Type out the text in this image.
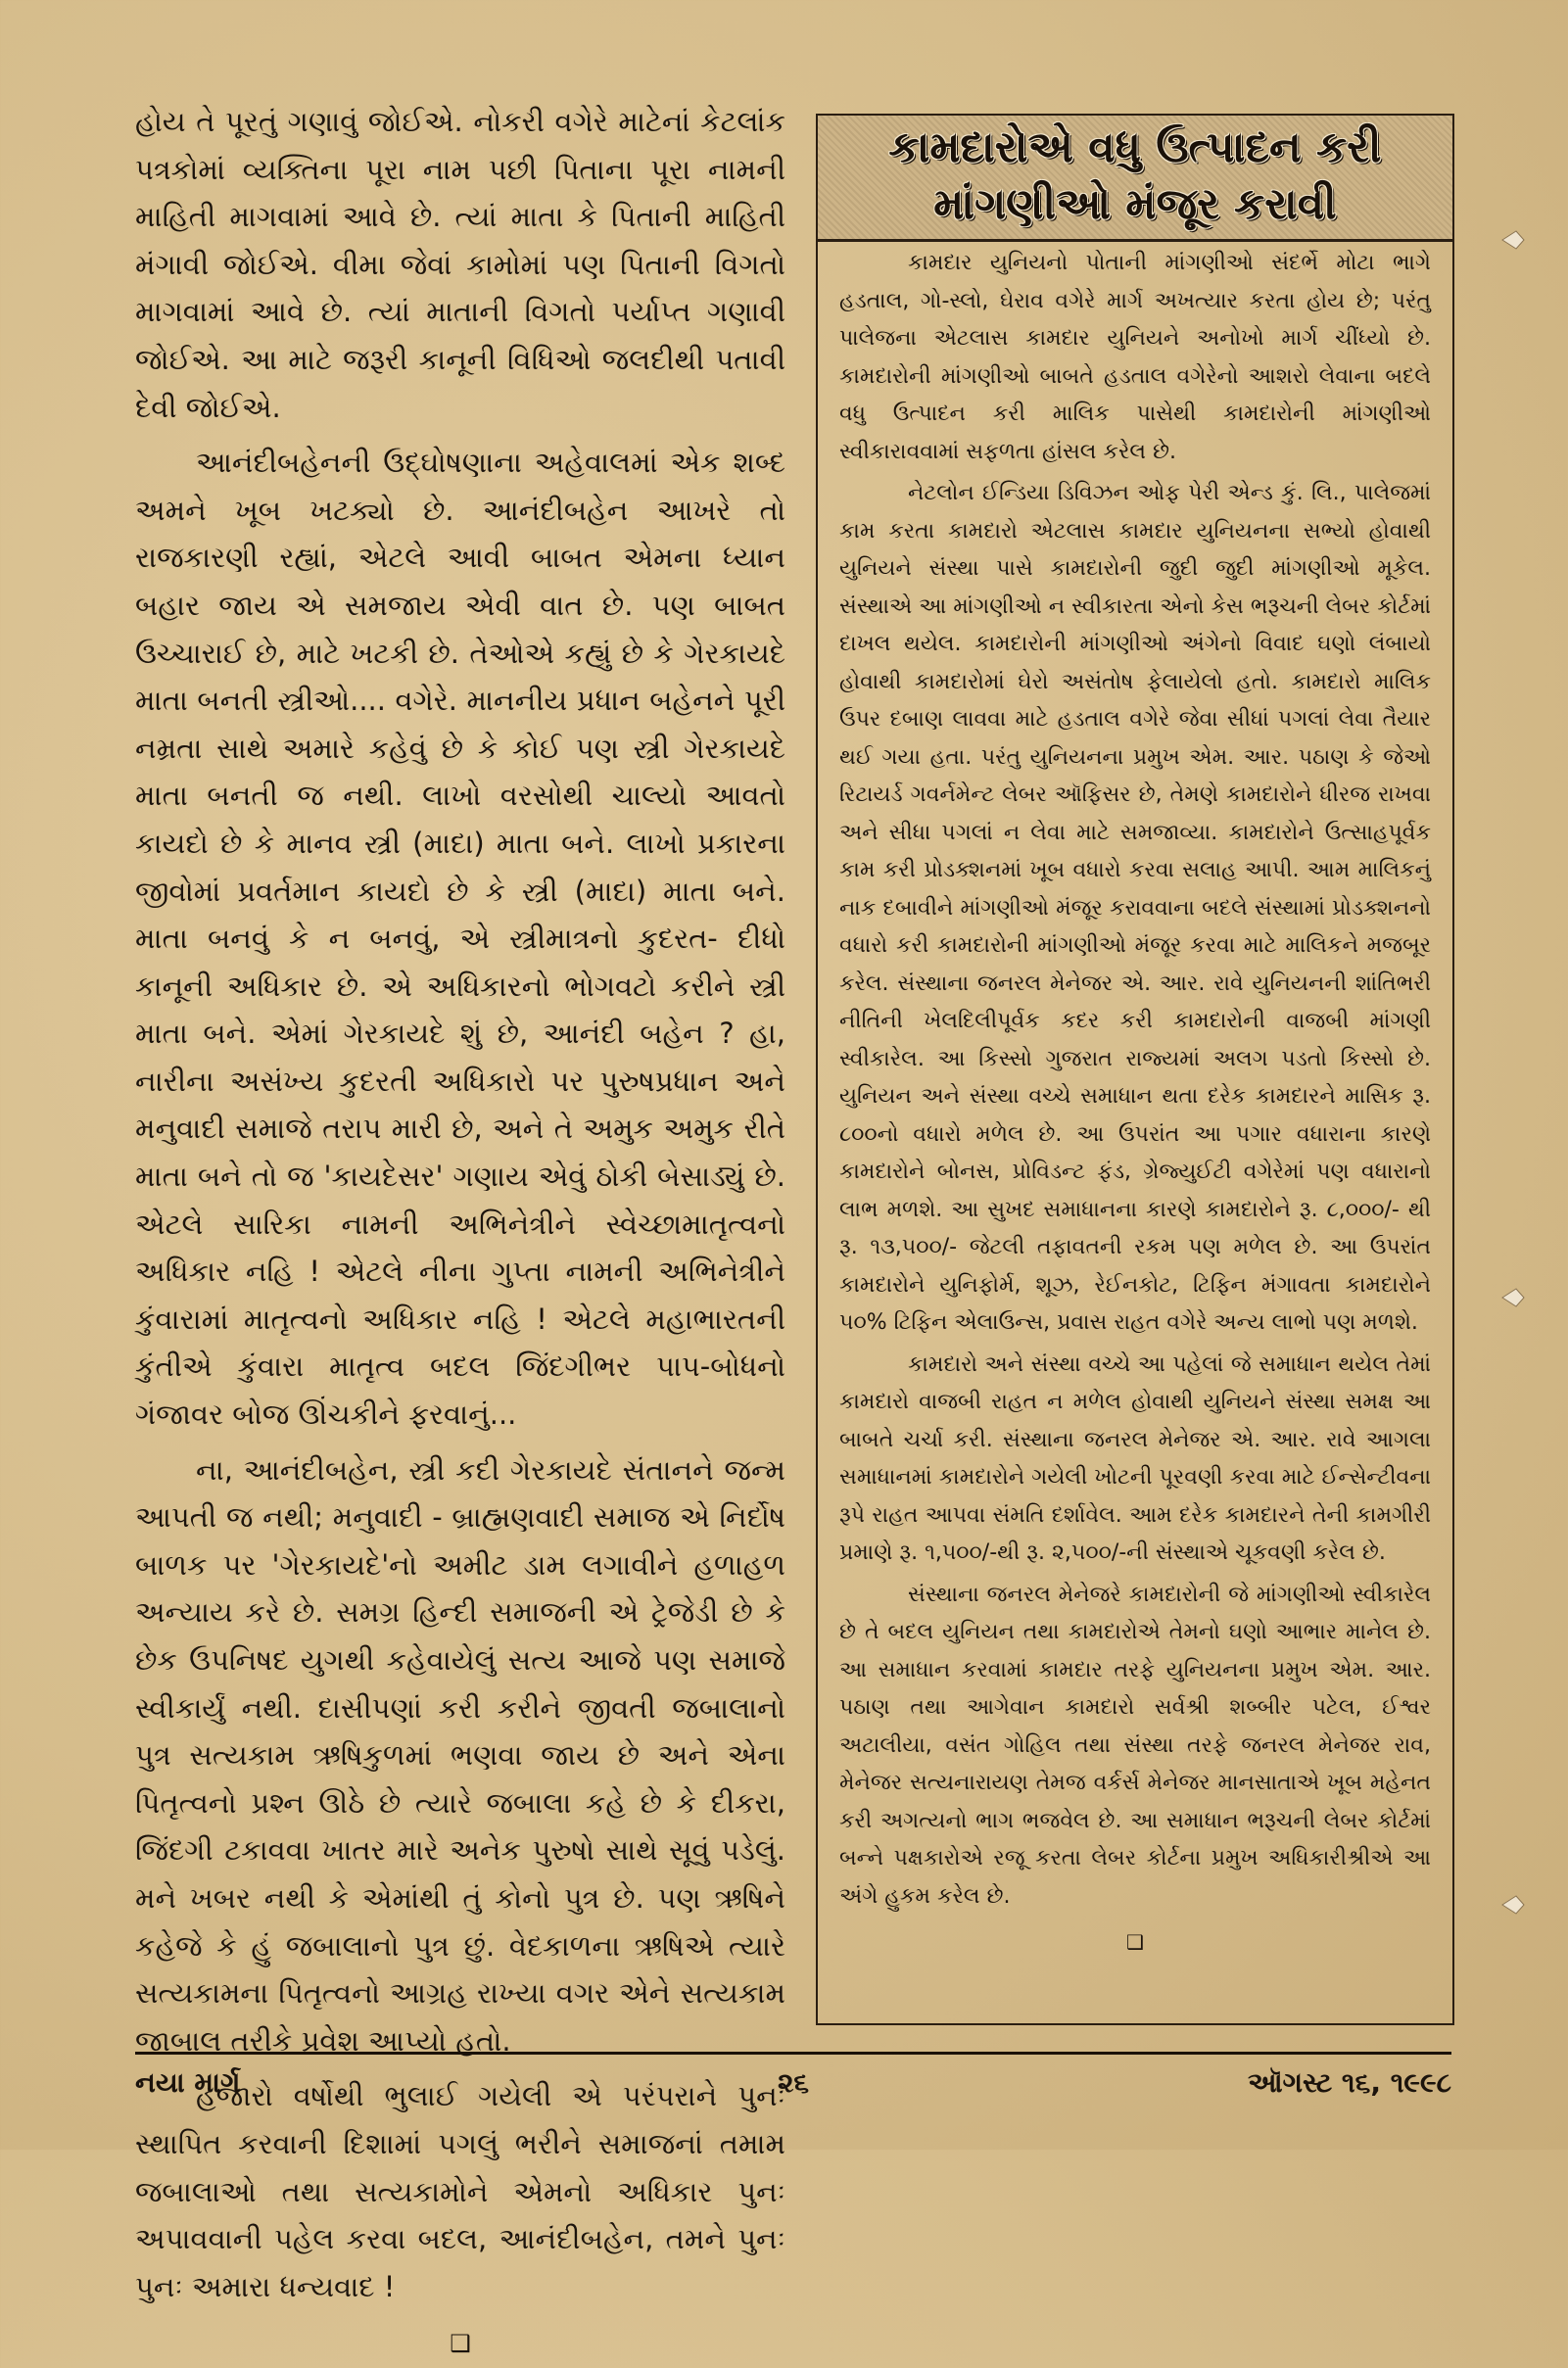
હોય તે પૂરતું ગણાવું જોઈએ. નોકરી વગેરે માટેનાં કેટલાંક પત્રકોમાં વ્યક્તિના પૂરા નામ પછી પિતાના પૂરા નામની માહિતી માગવામાં આવે છે. ત્યાં માતા કે પિતાની માહિતી મંગાવી જોઈએ. વીમા જેવાં કામોમાં પણ પિતાની વિગતો માગવામાં આવે છે. ત્યાં માતાની વિગતો પર્યાપ્ત ગણાવી જોઈએ. આ માટે જરૂરી કાનૂની વિધિઓ જલદીથી પતાવી દેવી જોઈએ.

આનંદીબહેનની ઉદ્‌ઘોષણાના અહેવાલમાં એક શબ્દ અમને ખૂબ ખટક્યો છે. આનંદીબહેન આખરે તો રાજકારણી રહ્યાં, એટલે આવી બાબત એમના ધ્યાન બહાર જાય એ સમજાય એવી વાત છે. પણ બાબત ઉચ્ચારાઈ છે, માટે ખટકી છે. તેઓએ કહ્યું છે કે ગેરકાયદે માતા બનતી સ્ત્રીઓ.... વગેરે. માનનીય પ્રધાન બહેનને પૂરી નમ્રતા સાથે અમારે કહેવું છે કે કોઈ પણ સ્ત્રી ગેરકાયદે માતા બનતી જ નથી. લાખો વરસોથી ચાલ્યો આવતો કાયદો છે કે માનવ સ્ત્રી (માદા) માતા બને. લાખો પ્રકારના જીવોમાં પ્રવર્તમાન કાયદો છે કે સ્ત્રી (માદા) માતા બને. માતા બનવું કે ન બનવું, એ સ્ત્રીમાત્રનો કુદરત- દીધો કાનૂની અધિકાર છે. એ અધિકારનો ભોગવટો કરીને સ્ત્રી માતા બને. એમાં ગેરકાયદે શું છે, આનંદી બહેન ? હા, નારીના અસંખ્ય કુદરતી અધિકારો પર પુરુષપ્રધાન અને મનુવાદી સમાજે તરાપ મારી છે, અને તે અમુક અમુક રીતે માતા બને તો જ 'કાયદેસર' ગણાય એવું ઠોકી બેસાડ્યું છે. એટલે સારિકા નામની અભિનેત્રીને સ્વેચ્છામાતૃત્વનો અધિકાર નહિ ! એટલે નીના ગુપ્તા નામની અભિનેત્રીને કુંવારામાં માતૃત્વનો અધિકાર નહિ ! એટલે મહાભારતની કુંતીએ કુંવારા માતૃત્વ બદલ જિંદગીભર પાપ-બોધનો ગંજાવર બોજ ઊંચકીને ફરવાનું...

ના, આનંદીબહેન, સ્ત્રી કદી ગેરકાયદે સંતાનને જન્મ આપતી જ નથી; મનુવાદી - બ્રાહ્મણવાદી સમાજ એ નિર્દોષ બાળક પર 'ગેરકાયદે'નો અમીટ ડામ લગાવીને હળાહળ અન્યાય કરે છે. સમગ્ર હિન્દી સમાજની એ ટ્રેજેડી છે કે છેક ઉપનિષદ યુગથી કહેવાયેલું સત્ય આજે પણ સમાજે સ્વીકાર્યું નથી. દાસીપણાં કરી કરીને જીવતી જબાલાનો પુત્ર સત્યકામ ઋષિકુળમાં ભણવા જાય છે અને એના પિતૃત્વનો પ્રશ્ન ઊઠે છે ત્યારે જબાલા કહે છે કે દીકરા, જિંદગી ટકાવવા ખાતર મારે અનેક પુરુષો સાથે સૂવું પડેલું. મને ખબર નથી કે એમાંથી તું કોનો પુત્ર છે. પણ ઋષિને કહેજે કે હું જબાલાનો પુત્ર છું. વેદકાળના ઋષિએ ત્યારે સત્યકામના પિતૃત્વનો આગ્રહ રાખ્યા વગર એને સત્યકામ જાબાલ તરીકે પ્રવેશ આપ્યો હતો.

હજારો વર્ષોથી ભુલાઈ ગયેલી એ પરંપરાને પુનઃ સ્થાપિત કરવાની દિશામાં પગલું ભરીને સમાજનાં તમામ જબાલાઓ તથા સત્યકામોને એમનો અધિકાર પુનઃ અપાવવાની પહેલ કરવા બદલ, આનંદીબહેન, તમને પુનઃ પુનઃ અમારા ધન્યવાદ !

❑
કામદારોએ વધુ ઉત્પાદન કરી
માંગણીઓ મંજૂર કરાવી

કામદાર યુનિયનો પોતાની માંગણીઓ સંદર્ભે મોટા ભાગે હડતાલ, ગો-સ્લો, ઘેરાવ વગેરે માર્ગ અખત્યાર કરતા હોય છે; પરંતુ પાલેજના એટલાસ કામદાર યુનિયને અનોખો માર્ગ ચીંધ્યો છે. કામદારોની માંગણીઓ બાબતે હડતાલ વગેરેનો આશરો લેવાના બદલે વધુ ઉત્પાદન કરી માલિક પાસેથી કામદારોની માંગણીઓ સ્વીકારાવવામાં સફળતા હાંસલ કરેલ છે.

નેટલોન ઈન્ડિયા ડિવિઝન ઓફ પેરી એન્ડ કું. લિ., પાલેજમાં કામ કરતા કામદારો એટલાસ કામદાર યુનિયનના સભ્યો હોવાથી યુનિયને સંસ્થા પાસે કામદારોની જુદી જુદી માંગણીઓ મૂકેલ. સંસ્થાએ આ માંગણીઓ ન સ્વીકારતા એનો કેસ ભરૂચની લેબર કોર્ટમાં દાખલ થયેલ. કામદારોની માંગણીઓ અંગેનો વિવાદ ઘણો લંબાયો હોવાથી કામદારોમાં ઘેરો અસંતોષ ફેલાયેલો હતો. કામદારો માલિક ઉપર દબાણ લાવવા માટે હડતાલ વગેરે જેવા સીધાં પગલાં લેવા તૈયાર થઈ ગયા હતા. પરંતુ યુનિયનના પ્રમુખ એમ. આર. પઠાણ કે જેઓ રિટાયર્ડ ગવર્નમેન્ટ લેબર ઑફિસર છે, તેમણે કામદારોને ધીરજ રાખવા અને સીધા પગલાં ન લેવા માટે સમજાવ્યા. કામદારોને ઉત્સાહપૂર્વક કામ કરી પ્રોડક્શનમાં ખૂબ વધારો કરવા સલાહ આપી. આમ માલિકનું નાક દબાવીને માંગણીઓ મંજૂર કરાવવાના બદલે સંસ્થામાં પ્રોડક્શનનો વધારો કરી કામદારોની માંગણીઓ મંજૂર કરવા માટે માલિકને મજબૂર કરેલ. સંસ્થાના જનરલ મેનેજર એ. આર. રાવે યુનિયનની શાંતિભરી નીતિની ખેલદિલીપૂર્વક કદર કરી કામદારોની વાજબી માંગણી સ્વીકારેલ. આ કિસ્સો ગુજરાત રાજ્યમાં અલગ પડતો કિસ્સો છે. યુનિયન અને સંસ્થા વચ્ચે સમાધાન થતા દરેક કામદારને માસિક રૂ. ૮૦૦નો વધારો મળેલ છે. આ ઉપરાંત આ પગાર વધારાના કારણે કામદારોને બોનસ, પ્રોવિડન્ટ ફંડ, ગ્રેજ્યુઈટી વગેરેમાં પણ વધારાનો લાભ મળશે. આ સુખદ સમાધાનના કારણે કામદારોને રૂ. ૮,૦૦૦/- થી રૂ. ૧૩,૫૦૦/- જેટલી તફાવતની રકમ પણ મળેલ છે. આ ઉપરાંત કામદારોને યુનિફોર્મ, શૂઝ, રેઈનકોટ, ટિફિન મંગાવતા કામદારોને ૫૦% ટિફિન એલાઉન્સ, પ્રવાસ રાહત વગેરે અન્ય લાભો પણ મળશે.

કામદારો અને સંસ્થા વચ્ચે આ પહેલાં જે સમાધાન થયેલ તેમાં કામદારો વાજબી રાહત ન મળેલ હોવાથી યુનિયને સંસ્થા સમક્ષ આ બાબતે ચર્ચા કરી. સંસ્થાના જનરલ મેનેજર એ. આર. રાવે આગલા સમાધાનમાં કામદારોને ગયેલી ખોટની પૂરવણી કરવા માટે ઈન્સેન્ટીવના રૂપે રાહત આપવા સંમતિ દર્શાવેલ. આમ દરેક કામદારને તેની કામગીરી પ્રમાણે રૂ. ૧,૫૦૦/-થી રૂ. ૨,૫૦૦/-ની સંસ્થાએ ચૂકવણી કરેલ છે.

સંસ્થાના જનરલ મેનેજરે કામદારોની જે માંગણીઓ સ્વીકારેલ છે તે બદલ યુનિયન તથા કામદારોએ તેમનો ઘણો આભાર માનેલ છે. આ સમાધાન કરવામાં કામદાર તરફે યુનિયનના પ્રમુખ એમ. આર. પઠાણ તથા આગેવાન કામદારો સર્વશ્રી શબ્બીર પટેલ, ઈશ્વર અટાલીયા, વસંત ગોહિલ તથા સંસ્થા તરફે જનરલ મેનેજર રાવ, મેનેજર સત્યનારાયણ તેમજ વર્કર્સ મેનેજર માનસાતાએ ખૂબ મહેનત કરી અગત્યનો ભાગ ભજવેલ છે. આ સમાધાન ભરૂચની લેબર કોર્ટમાં બન્ને પક્ષકારોએ રજૂ કરતા લેબર કોર્ટના પ્રમુખ અધિકારીશ્રીએ આ અંગે હુકમ કરેલ છે.

❑
નયા માર્ગ	૨૬	ઑગસ્ટ ૧૬, ૧૯૯૮
